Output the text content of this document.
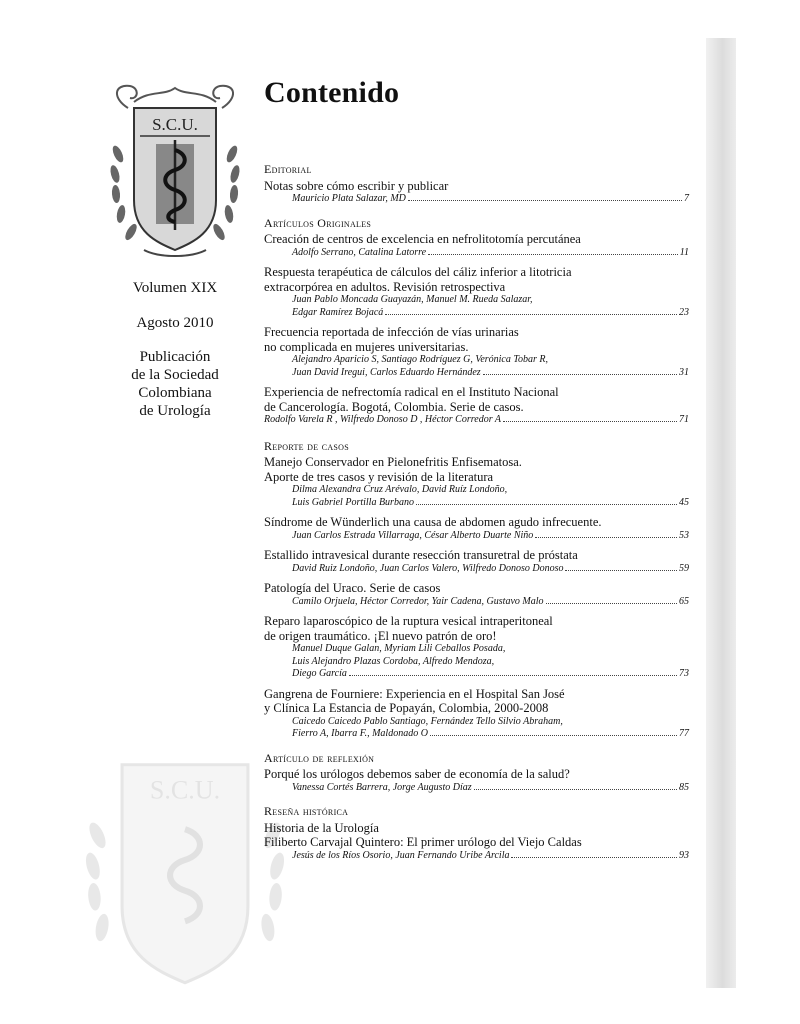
S.C.U.
S.C.U.
Volumen XIX
Agosto 2010
Publicación
de la Sociedad
Colombiana
de Urología
Contenido
Editorial
Notas sobre cómo escribir y publicar
Mauricio Plata Salazar, MD	7
Artículos Originales
Creación de centros de excelencia en nefrolitotomía percutánea
Adolfo Serrano, Catalina Latorre	11
Respuesta terapéutica de cálculos del cáliz inferior a litotricia
extracorpórea en adultos. Revisión retrospectiva
Juan Pablo Moncada Guayazán, Manuel M. Rueda Salazar,
Edgar Ramírez Bojacá	23
Frecuencia reportada de infección de vías urinarias
no complicada en mujeres universitarias.
Alejandro Aparicio S, Santiago Rodríguez G, Verónica Tobar R,
Juan David Iregui, Carlos Eduardo Hernández	31
Experiencia de nefrectomía radical en el Instituto Nacional
de Cancerología. Bogotá, Colombia. Serie de casos.
Rodolfo Varela R , Wilfredo Donoso D , Héctor Corredor A	71
Reporte de casos
Manejo Conservador en Pielonefritis Enfisematosa.
Aporte de tres casos y revisión de la literatura
Dilma Alexandra Cruz Arévalo, David Ruíz Londoño,
Luis Gabriel Portilla Burbano	45
Síndrome de Wünderlich una causa de abdomen agudo infrecuente.
Juan Carlos Estrada Villarraga, César Alberto Duarte Niño	53
Estallido intravesical durante resección transuretral de próstata
David Ruiz Londoño, Juan Carlos Valero, Wilfredo Donoso Donoso	59
Patología del Uraco. Serie de casos
Camilo Orjuela, Héctor Corredor, Yair Cadena, Gustavo Malo	65
Reparo laparoscópico de la ruptura vesical intraperitoneal
de origen traumático. ¡El nuevo patrón de oro!
Manuel Duque Galan, Myriam Lili Ceballos Posada,
Luis Alejandro Plazas Cordoba, Alfredo Mendoza,
Diego García	73
Gangrena de Fourniere: Experiencia en el Hospital San José
y Clínica La Estancia de Popayán, Colombia, 2000-2008
Caicedo Caicedo Pablo Santiago, Fernández Tello Silvio Abraham,
Fierro A, Ibarra F., Maldonado O	77
Artículo de reflexión
Porqué los urólogos debemos saber de economía de la salud?
Vanessa Cortés Barrera, Jorge Augusto Díaz	85
Reseña histórica
Historia de la Urología
Filiberto Carvajal Quintero: El primer urólogo del Viejo Caldas
Jesús de los Ríos Osorio, Juan Fernando Uribe Arcila	93
